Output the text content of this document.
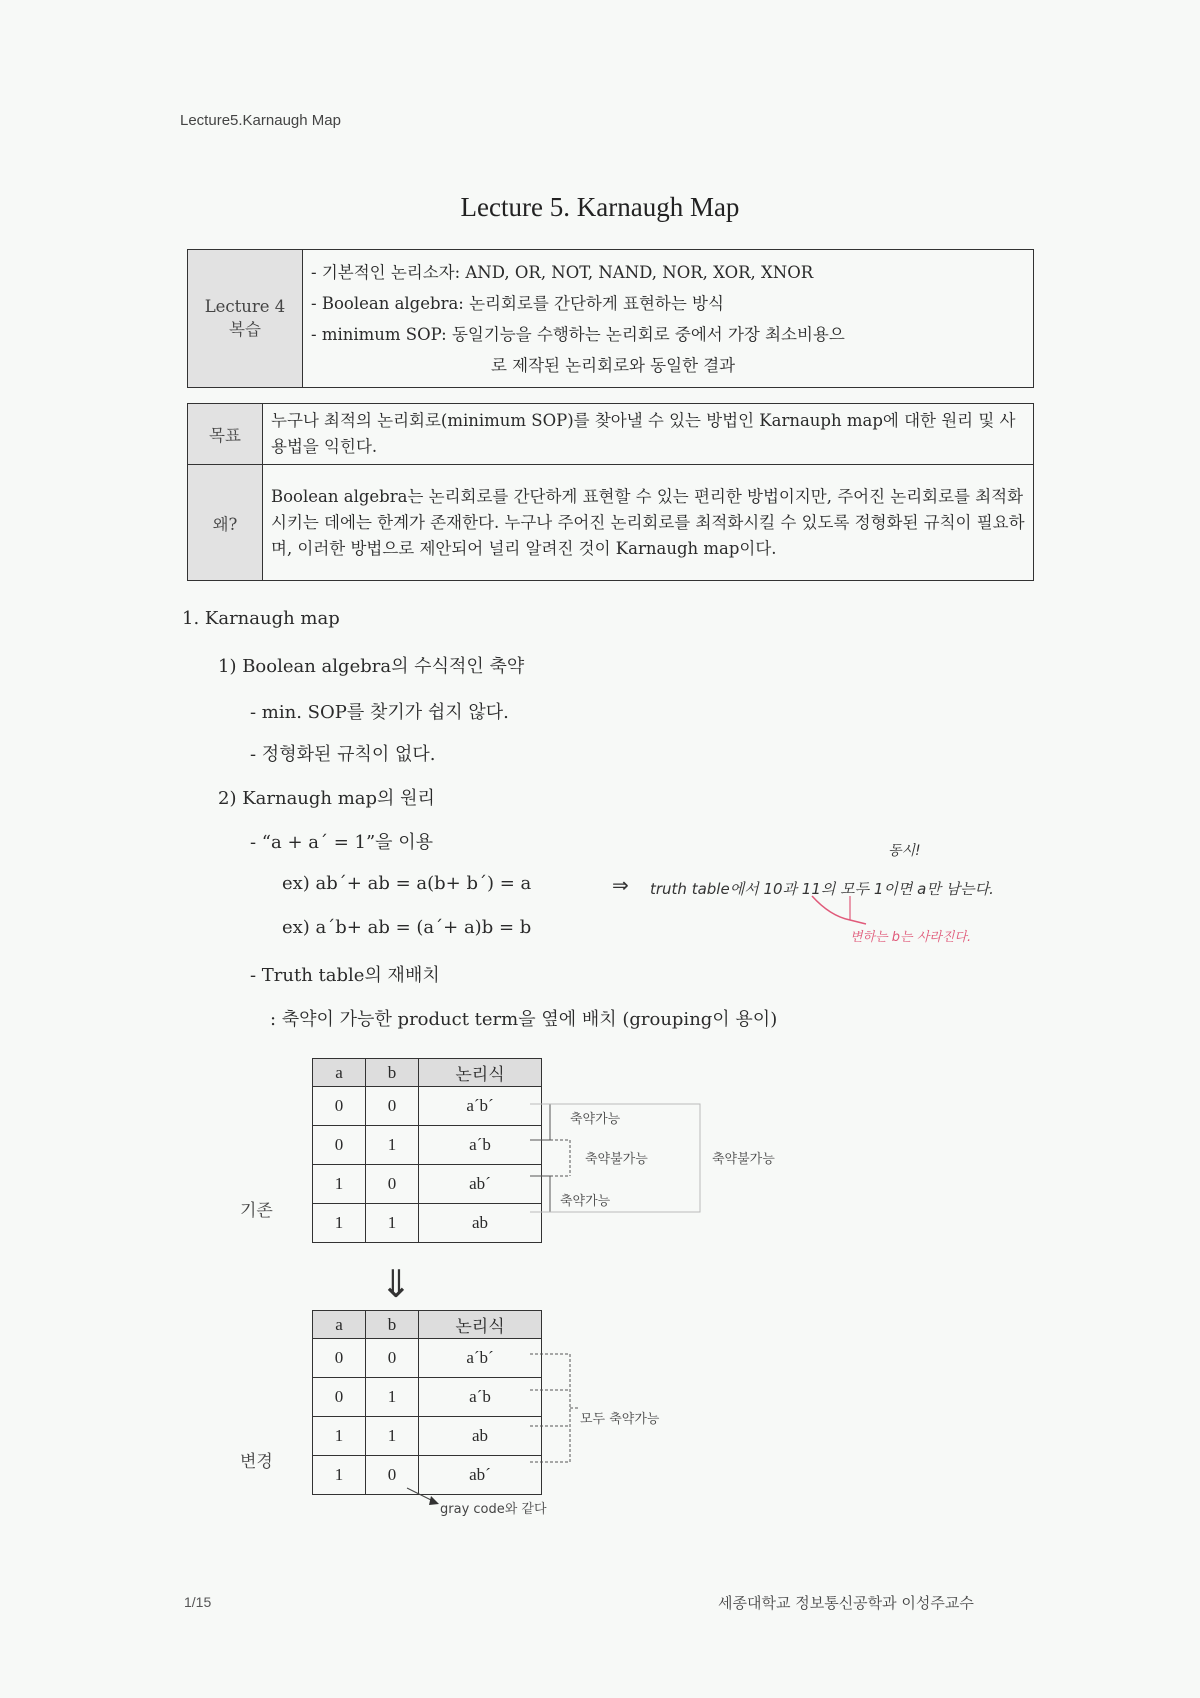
Lecture5.Karnaugh Map
Lecture 5. Karnaugh Map
Lecture 4
복습

- 기본적인 논리소자: AND, OR, NOT, NAND, NOR, XOR, XNOR
- Boolean algebra: 논리회로를 간단하게 표현하는 방식
- minimum SOP: 동일기능을 수행하는 논리회로 중에서 가장 최소비용으
로 제작된 논리회로와 동일한 결과
목표	누구나 최적의 논리회로(minimum SOP)를 찾아낼 수 있는 방법인 Karnauph map에 대한 원리 및 사용법을 익힌다.
왜?	Boolean algebra는 논리회로를 간단하게 표현할 수 있는 편리한 방법이지만, 주어진 논리회로를 최적화시키는 데에는 한계가 존재한다. 누구나 주어진 논리회로를 최적화시킬 수 있도록 정형화된 규칙이 필요하며, 이러한 방법으로 제안되어 널리 알려진 것이 Karnaugh map이다.
1. Karnaugh map
1) Boolean algebra의 수식적인 축약
- min. SOP를 찾기가 쉽지 않다.
- 정형화된 규칙이 없다.
2) Karnaugh map의 원리
- “a + a´ = 1”을 이용
ex) ab´+ ab = a(b+ b´) = a
ex) a´b+ ab = (a´+ a)b = b
- Truth table의 재배치
: 축약이 가능한 product term을 옆에 배치 (grouping이 용이)
⇒ truth table에서 10과 11의 모두 1이면 a만 남는다.
동시!
변하는 b는 사라진다.
기존
a	b	논리식
0	0	a´b´
0	1	a´b
1	0	ab´
1	1	ab
축약가능
축약불가능
축약가능
축약불가능
⇓
변경
a	b	논리식
0	0	a´b´
0	1	a´b
1	1	ab
1	0	ab´
모두 축약가능
gray code와 같다
1/15	세종대학교 정보통신공학과 이성주교수
